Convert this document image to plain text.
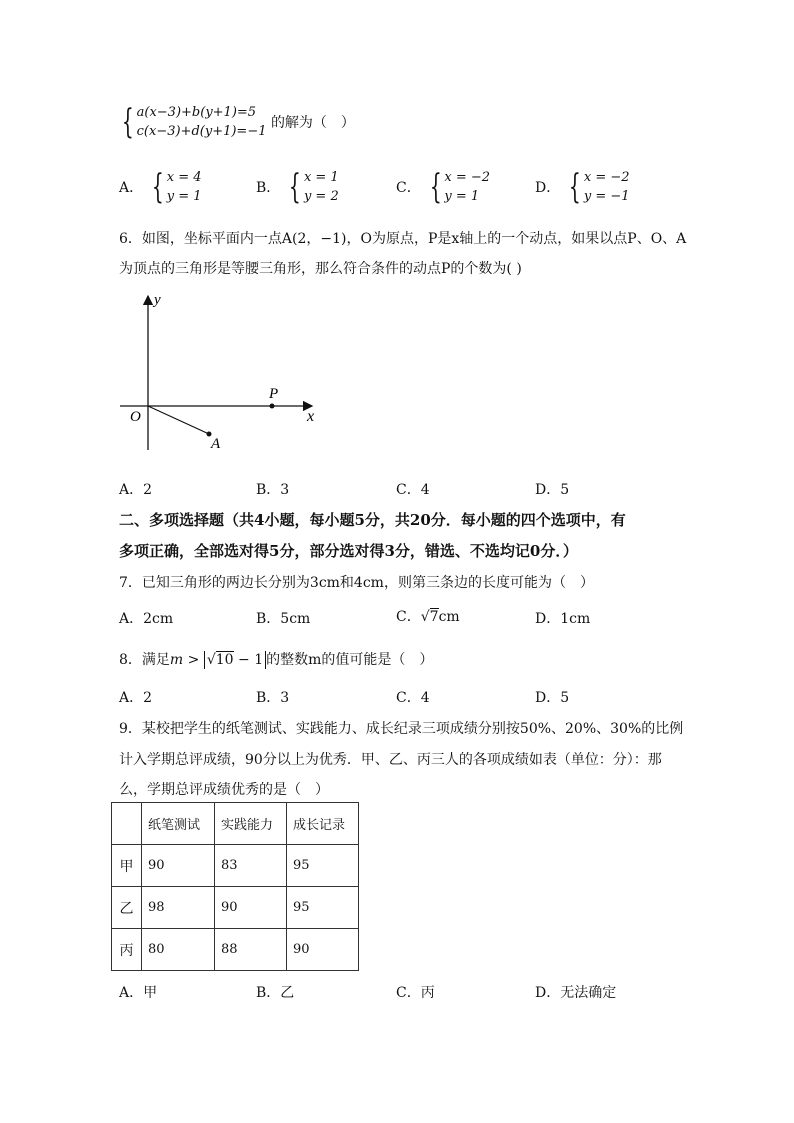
{ a(x−3)+b(y+1)=5
c(x−3)+d(y+1)=−1
的解为（　）
A． { x = 4
y = 1
B． { x = 1
y = 2
C． { x = −2
y = 1
D． { x = −2
y = −1
6．如图，坐标平面内一点A(2，−1)，O为原点，P是x轴上的一个动点，如果以点P、O、A
为顶点的三角形是等腰三角形，那么符合条件的动点P的个数为( )
y
x
O
P
A
A．2	B．3	C．4	D．5
二、多项选择题（共4小题，每小题5分，共20分．每小题的四个选项中，有
多项正确，全部选对得5分，部分选对得3分，错选、不选均记0分．）
7．已知三角形的两边长分别为3cm和4cm，则第三条边的长度可能为（　）
A．2cm	B．5cm	C．√7cm	D．1cm
8．满足m > √10 − 1 的整数m的值可能是（　）
A．2	B．3	C．4	D．5
9．某校把学生的纸笔测试、实践能力、成长纪录三项成绩分别按50%、20%、30%的比例
计入学期总评成绩，90分以上为优秀．甲、乙、丙三人的各项成绩如表（单位：分）：那
么，学期总评成绩优秀的是（　）
	纸笔测试	实践能力	成长记录
甲	90	83	95
乙	98	90	95
丙	80	88	90
A．甲	B．乙	C．丙	D．无法确定
